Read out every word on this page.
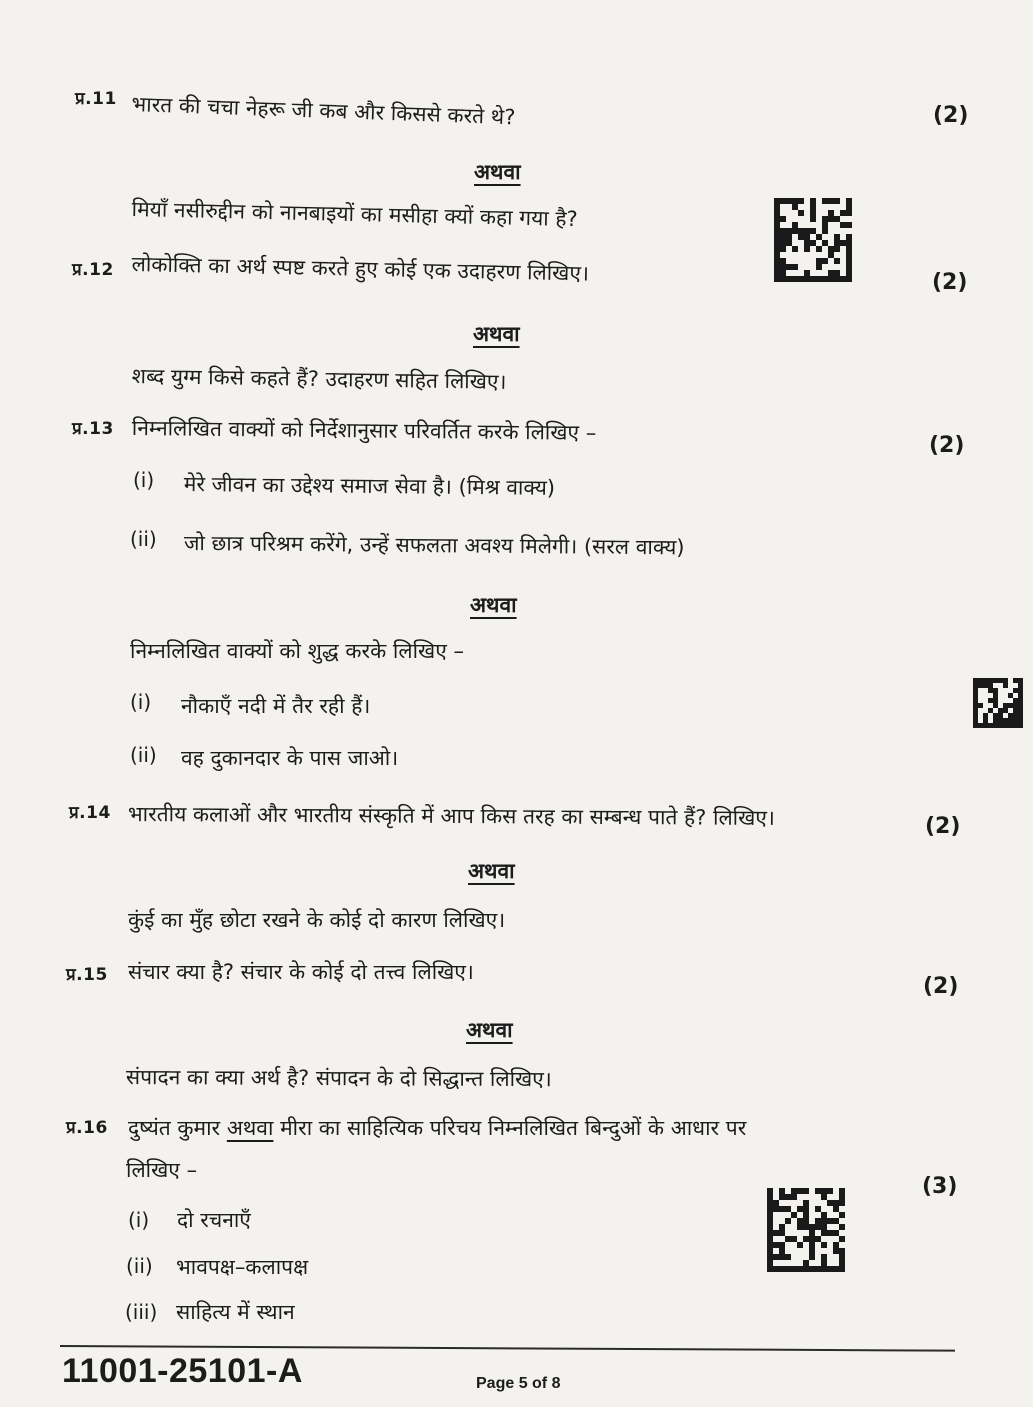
प्र.11 भारत की चचा नेहरू जी कब और किससे करते थे?	(2)
अथवा
मियाँ नसीरुद्दीन को नानबाइयों का मसीहा क्यों कहा गया है?
प्र.12 लोकोक्ति का अर्थ स्पष्ट करते हुए कोई एक उदाहरण लिखिए।	(2)
अथवा
शब्द युग्म किसे कहते हैं? उदाहरण सहित लिखिए।
प्र.13 निम्नलिखित वाक्यों को निर्देशानुसार परिवर्तित करके लिखिए –
(2)
(i) मेरे जीवन का उद्देश्य समाज सेवा है। (मिश्र वाक्य)
(ii) जो छात्र परिश्रम करेंगे, उन्हें सफलता अवश्य मिलेगी। (सरल वाक्य)
अथवा
निम्नलिखित वाक्यों को शुद्ध करके लिखिए –
(i) नौकाएँ नदी में तैर रही हैं।
(ii) वह दुकानदार के पास जाओ।
प्र.14 भारतीय कलाओं और भारतीय संस्कृति में आप किस तरह का सम्बन्ध पाते हैं? लिखिए।	(2)
अथवा
कुंई का मुँह छोटा रखने के कोई दो कारण लिखिए।
प्र.15 संचार क्या है? संचार के कोई दो तत्त्व लिखिए।
(2)
अथवा
संपादन का क्या अर्थ है? संपादन के दो सिद्धान्त लिखिए।
प्र.16 दुष्यंत कुमार अथवा मीरा का साहित्यिक परिचय निम्नलिखित बिन्दुओं के आधार पर
लिखिए –
(3)
(i) दो रचनाएँ
(ii) भावपक्ष–कलापक्ष
(iii) साहित्य में स्थान
11001-25101-A	Page 5 of 8
